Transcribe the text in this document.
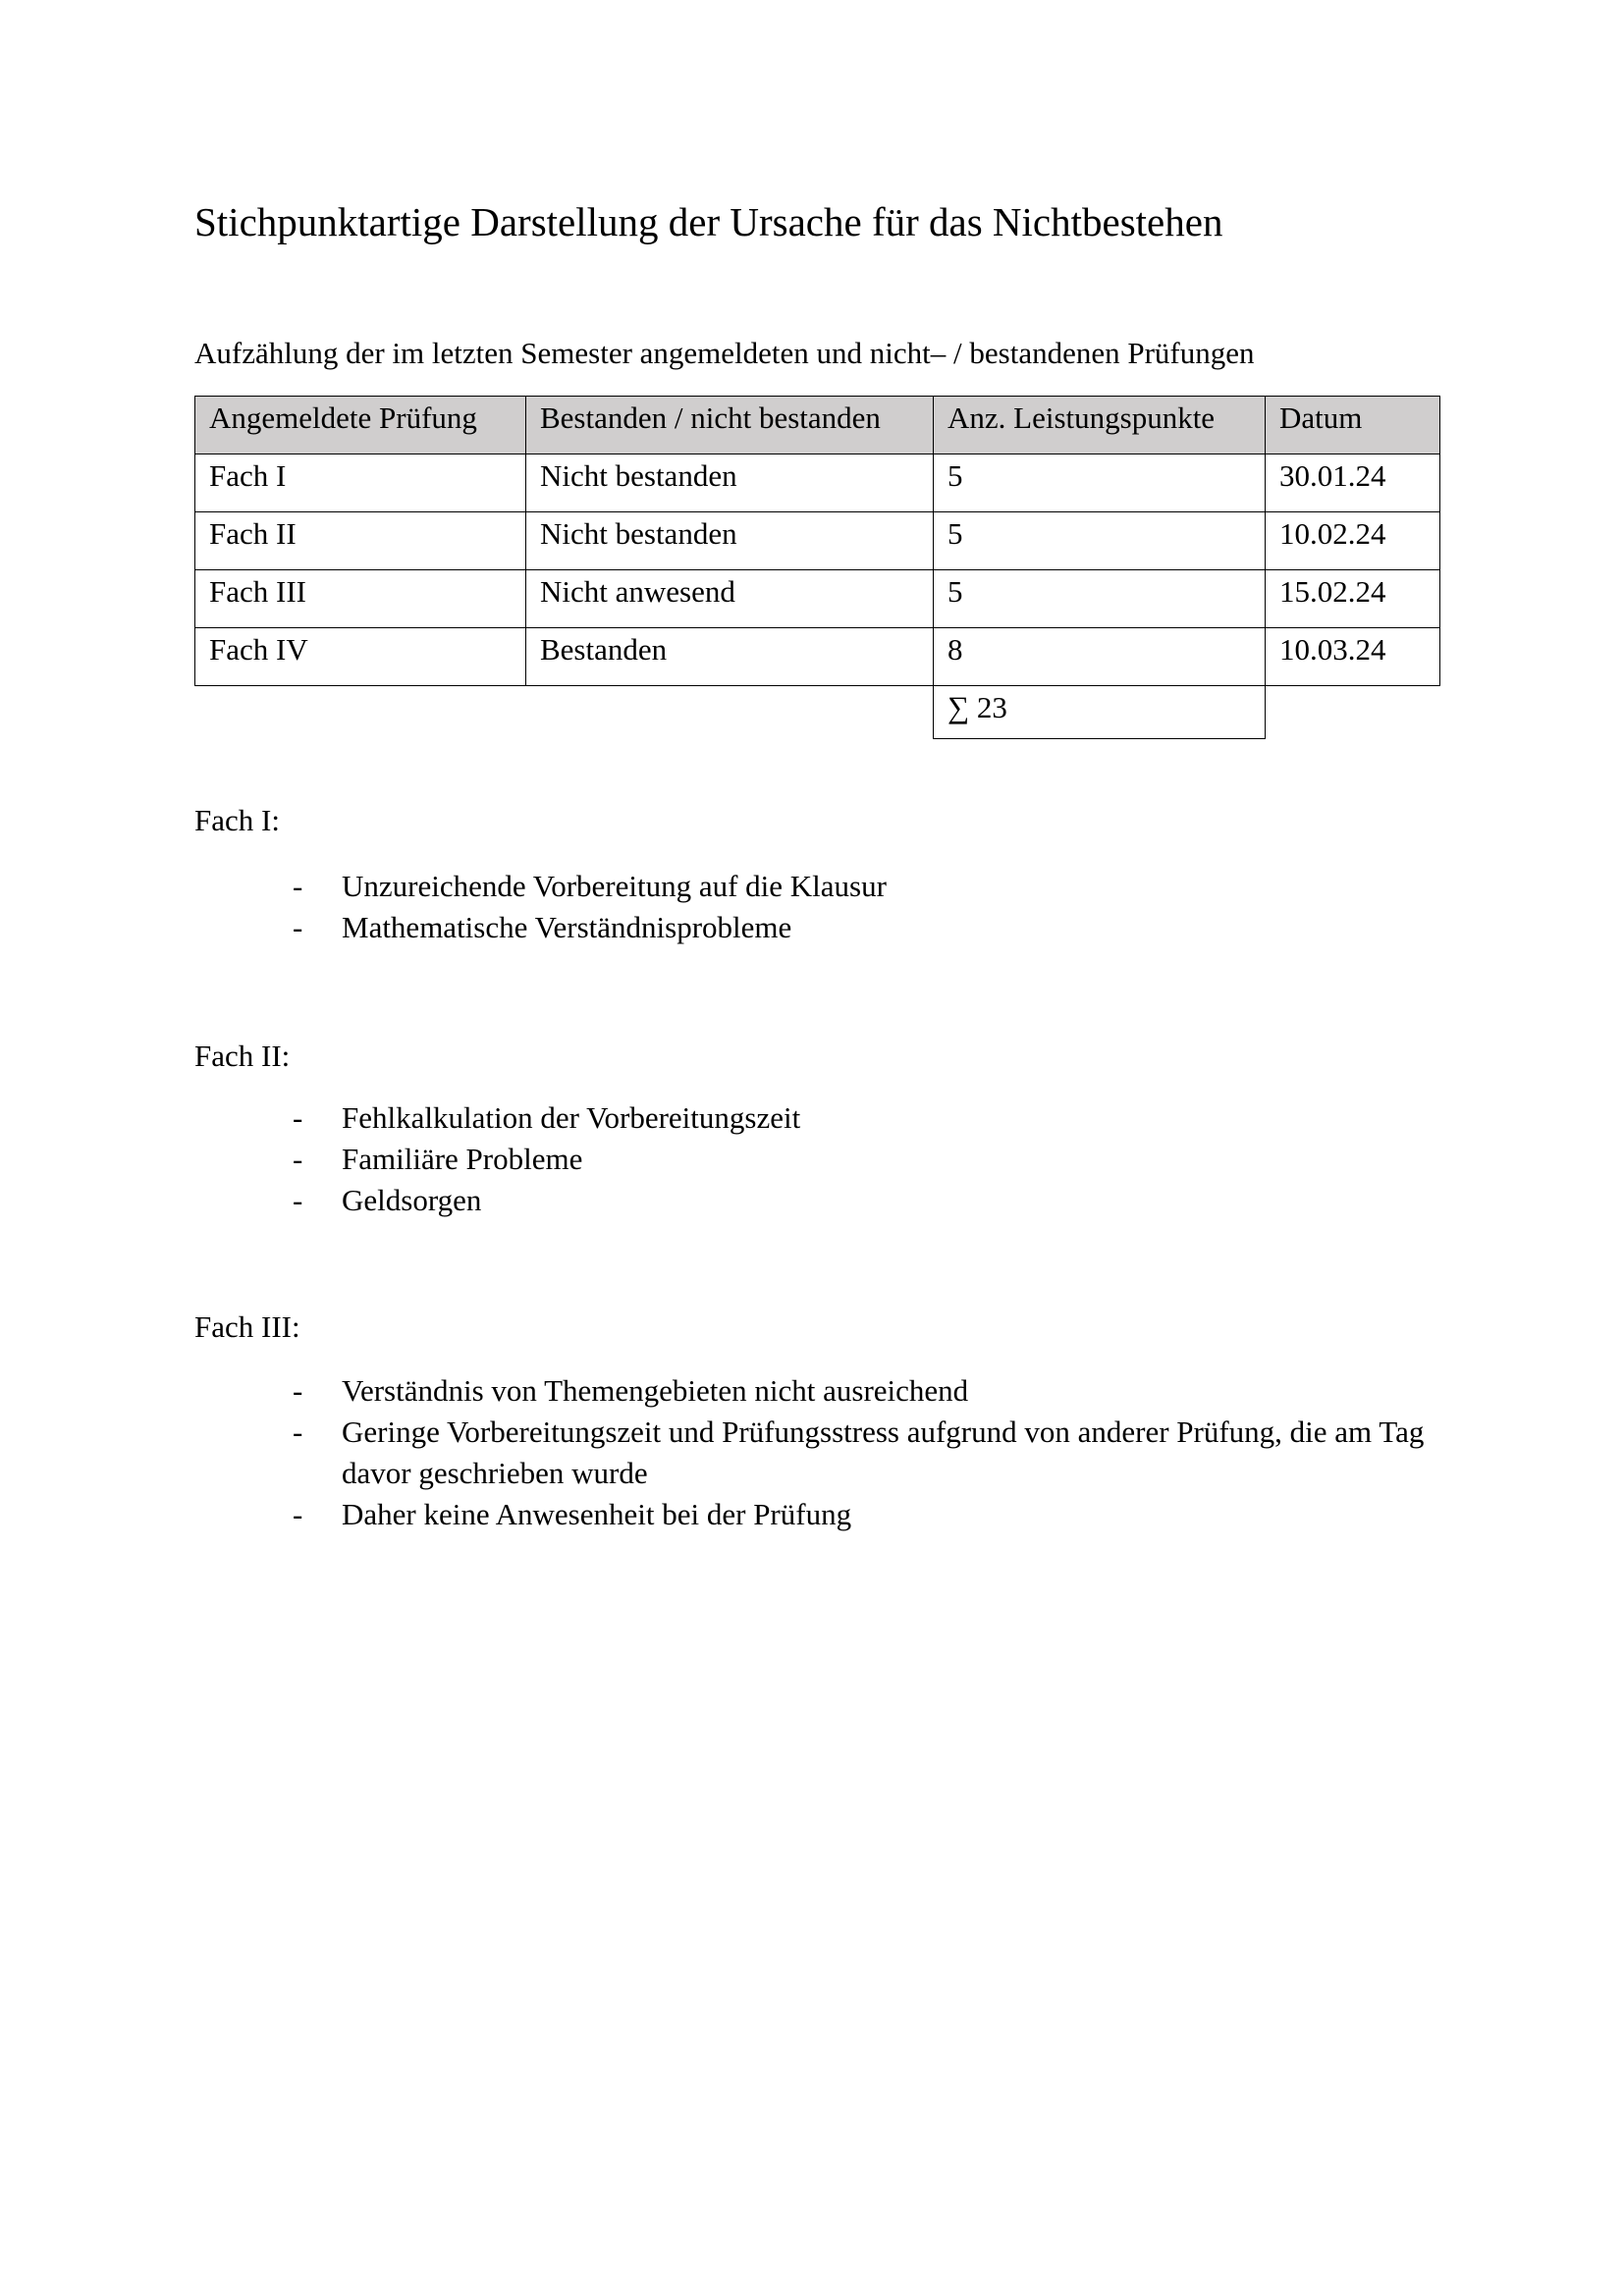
Stichpunktartige Darstellung der Ursache für das Nichtbestehen
Aufzählung der im letzten Semester angemeldeten und nicht– / bestandenen Prüfungen
Angemeldete Prüfung	Bestanden / nicht bestanden	Anz. Leistungspunkte	Datum
Fach I	Nicht bestanden	5	30.01.24
Fach II	Nicht bestanden	5	10.02.24
Fach III	Nicht anwesend	5	15.02.24
Fach IV	Bestanden	8	10.03.24
		∑ 23	
Fach I:
- Unzureichende Vorbereitung auf die Klausur
- Mathematische Verständnisprobleme
Fach II:
- Fehlkalkulation der Vorbereitungszeit
- Familiäre Probleme
- Geldsorgen
Fach III:
- Verständnis von Themengebieten nicht ausreichend
- Geringe Vorbereitungszeit und Prüfungsstress aufgrund von anderer Prüfung, die am Tag davor geschrieben wurde
- Daher keine Anwesenheit bei der Prüfung
